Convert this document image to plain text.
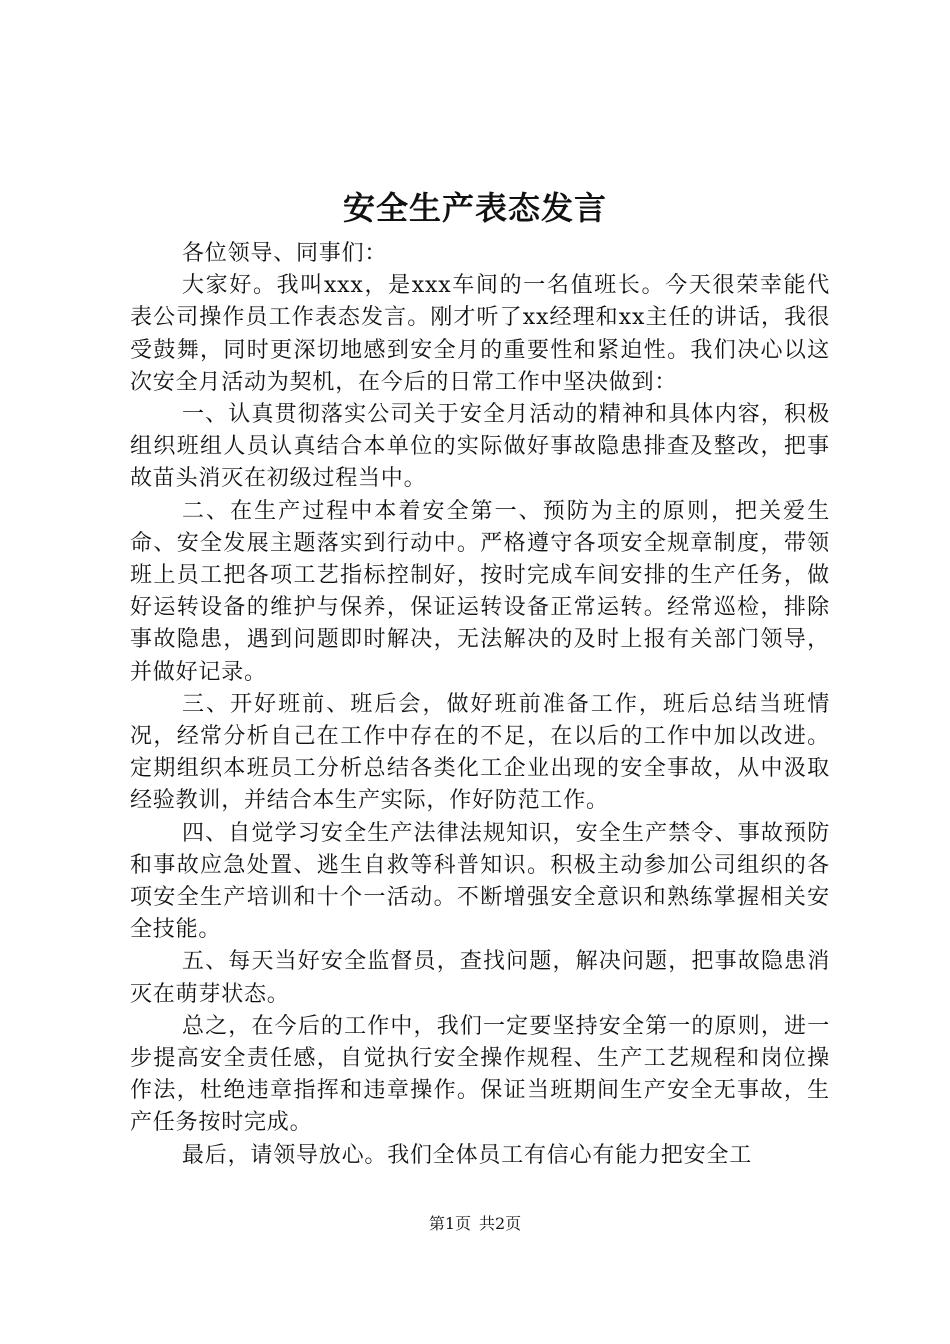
安全生产表态发言

各位领导、同事们：

大家好。我叫xxx，是xxx车间的一名值班长。今天很荣幸能代表公司操作员工作表态发言。刚才听了xx经理和xx主任的讲话，我很受鼓舞，同时更深切地感到安全月的重要性和紧迫性。我们决心以这次安全月活动为契机，在今后的日常工作中坚决做到：

一、认真贯彻落实公司关于安全月活动的精神和具体内容，积极组织班组人员认真结合本单位的实际做好事故隐患排查及整改，把事故苗头消灭在初级过程当中。

二、在生产过程中本着安全第一、预防为主的原则，把关爱生命、安全发展主题落实到行动中。严格遵守各项安全规章制度，带领班上员工把各项工艺指标控制好，按时完成车间安排的生产任务，做好运转设备的维护与保养，保证运转设备正常运转。经常巡检，排除事故隐患，遇到问题即时解决，无法解决的及时上报有关部门领导，并做好记录。

三、开好班前、班后会，做好班前准备工作，班后总结当班情况，经常分析自己在工作中存在的不足，在以后的工作中加以改进。定期组织本班员工分析总结各类化工企业出现的安全事故，从中汲取经验教训，并结合本生产实际，作好防范工作。

四、自觉学习安全生产法律法规知识，安全生产禁令、事故预防和事故应急处置、逃生自救等科普知识。积极主动参加公司组织的各项安全生产培训和十个一活动。不断增强安全意识和熟练掌握相关安全技能。

五、每天当好安全监督员，查找问题，解决问题，把事故隐患消灭在萌芽状态。

总之，在今后的工作中，我们一定要坚持安全第一的原则，进一步提高安全责任感，自觉执行安全操作规程、生产工艺规程和岗位操作法，杜绝违章指挥和违章操作。保证当班期间生产安全无事故，生产任务按时完成。

最后，请领导放心。我们全体员工有信心有能力把安全工

第1页 共2页
